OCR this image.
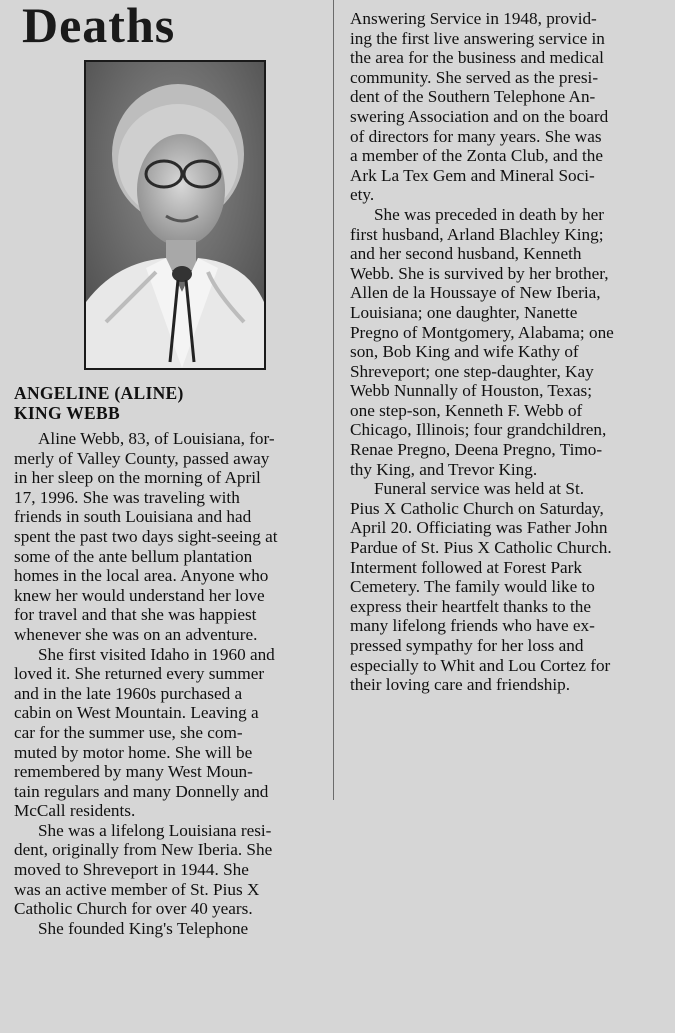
Deaths
ANGELINE (ALINE)
KING WEBB
Aline Webb, 83, of Louisiana, for-
merly of Valley County, passed away
in her sleep on the morning of April
17, 1996. She was traveling with
friends in south Louisiana and had
spent the past two days sight-seeing at
some of the ante bellum plantation
homes in the local area. Anyone who
knew her would understand her love
for travel and that she was happiest
whenever she was on an adventure.
She first visited Idaho in 1960 and
loved it. She returned every summer
and in the late 1960s purchased a
cabin on West Mountain. Leaving a
car for the summer use, she com-
muted by motor home. She will be
remembered by many West Moun-
tain regulars and many Donnelly and
McCall residents.
She was a lifelong Louisiana resi-
dent, originally from New Iberia. She
moved to Shreveport in 1944. She
was an active member of St. Pius X
Catholic Church for over 40 years.
She founded King's Telephone
Answering Service in 1948, provid-
ing the first live answering service in
the area for the business and medical
community. She served as the presi-
dent of the Southern Telephone An-
swering Association and on the board
of directors for many years. She was
a member of the Zonta Club, and the
Ark La Tex Gem and Mineral Soci-
ety.
She was preceded in death by her
first husband, Arland Blachley King;
and her second husband, Kenneth
Webb. She is survived by her brother,
Allen de la Houssaye of New Iberia,
Louisiana; one daughter, Nanette
Pregno of Montgomery, Alabama; one
son, Bob King and wife Kathy of
Shreveport; one step-daughter, Kay
Webb Nunnally of Houston, Texas;
one step-son, Kenneth F. Webb of
Chicago, Illinois; four grandchildren,
Renae Pregno, Deena Pregno, Timo-
thy King, and Trevor King.
Funeral service was held at St.
Pius X Catholic Church on Saturday,
April 20. Officiating was Father John
Pardue of St. Pius X Catholic Church.
Interment followed at Forest Park
Cemetery. The family would like to
express their heartfelt thanks to the
many lifelong friends who have ex-
pressed sympathy for her loss and
especially to Whit and Lou Cortez for
their loving care and friendship.
